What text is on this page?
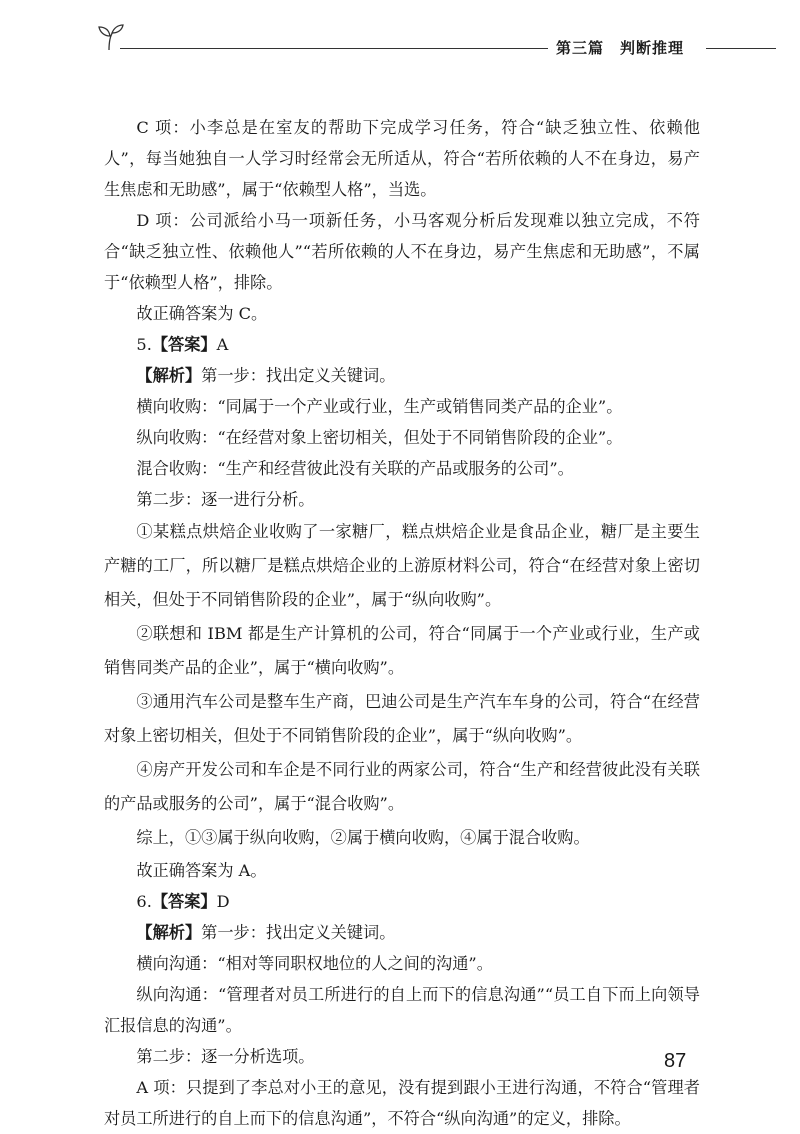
第三篇　判断推理

C 项：小李总是在室友的帮助下完成学习任务，符合“缺乏独立性、依赖他人”，每当她独自一人学习时经常会无所适从，符合“若所依赖的人不在身边，易产生焦虑和无助感”，属于“依赖型人格”，当选。

D 项：公司派给小马一项新任务，小马客观分析后发现难以独立完成，不符合“缺乏独立性、依赖他人”“若所依赖的人不在身边，易产生焦虑和无助感”，不属于“依赖型人格”，排除。

故正确答案为 C。

5.【答案】A

【解析】第一步：找出定义关键词。

横向收购：“同属于一个产业或行业，生产或销售同类产品的企业”。

纵向收购：“在经营对象上密切相关，但处于不同销售阶段的企业”。

混合收购：“生产和经营彼此没有关联的产品或服务的公司”。

第二步：逐一进行分析。

①某糕点烘焙企业收购了一家糖厂，糕点烘焙企业是食品企业，糖厂是主要生产糖的工厂，所以糖厂是糕点烘焙企业的上游原材料公司，符合“在经营对象上密切相关，但处于不同销售阶段的企业”，属于“纵向收购”。

②联想和 IBM 都是生产计算机的公司，符合“同属于一个产业或行业，生产或销售同类产品的企业”，属于“横向收购”。

③通用汽车公司是整车生产商，巴迪公司是生产汽车车身的公司，符合“在经营对象上密切相关，但处于不同销售阶段的企业”，属于“纵向收购”。

④房产开发公司和车企是不同行业的两家公司，符合“生产和经营彼此没有关联的产品或服务的公司”，属于“混合收购”。

综上，①③属于纵向收购，②属于横向收购，④属于混合收购。

故正确答案为 A。

6.【答案】D

【解析】第一步：找出定义关键词。

横向沟通：“相对等同职权地位的人之间的沟通”。

纵向沟通：“管理者对员工所进行的自上而下的信息沟通”“员工自下而上向领导汇报信息的沟通”。

第二步：逐一分析选项。

A 项：只提到了李总对小王的意见，没有提到跟小王进行沟通，不符合“管理者对员工所进行的自上而下的信息沟通”，不符合“纵向沟通”的定义，排除。

87
